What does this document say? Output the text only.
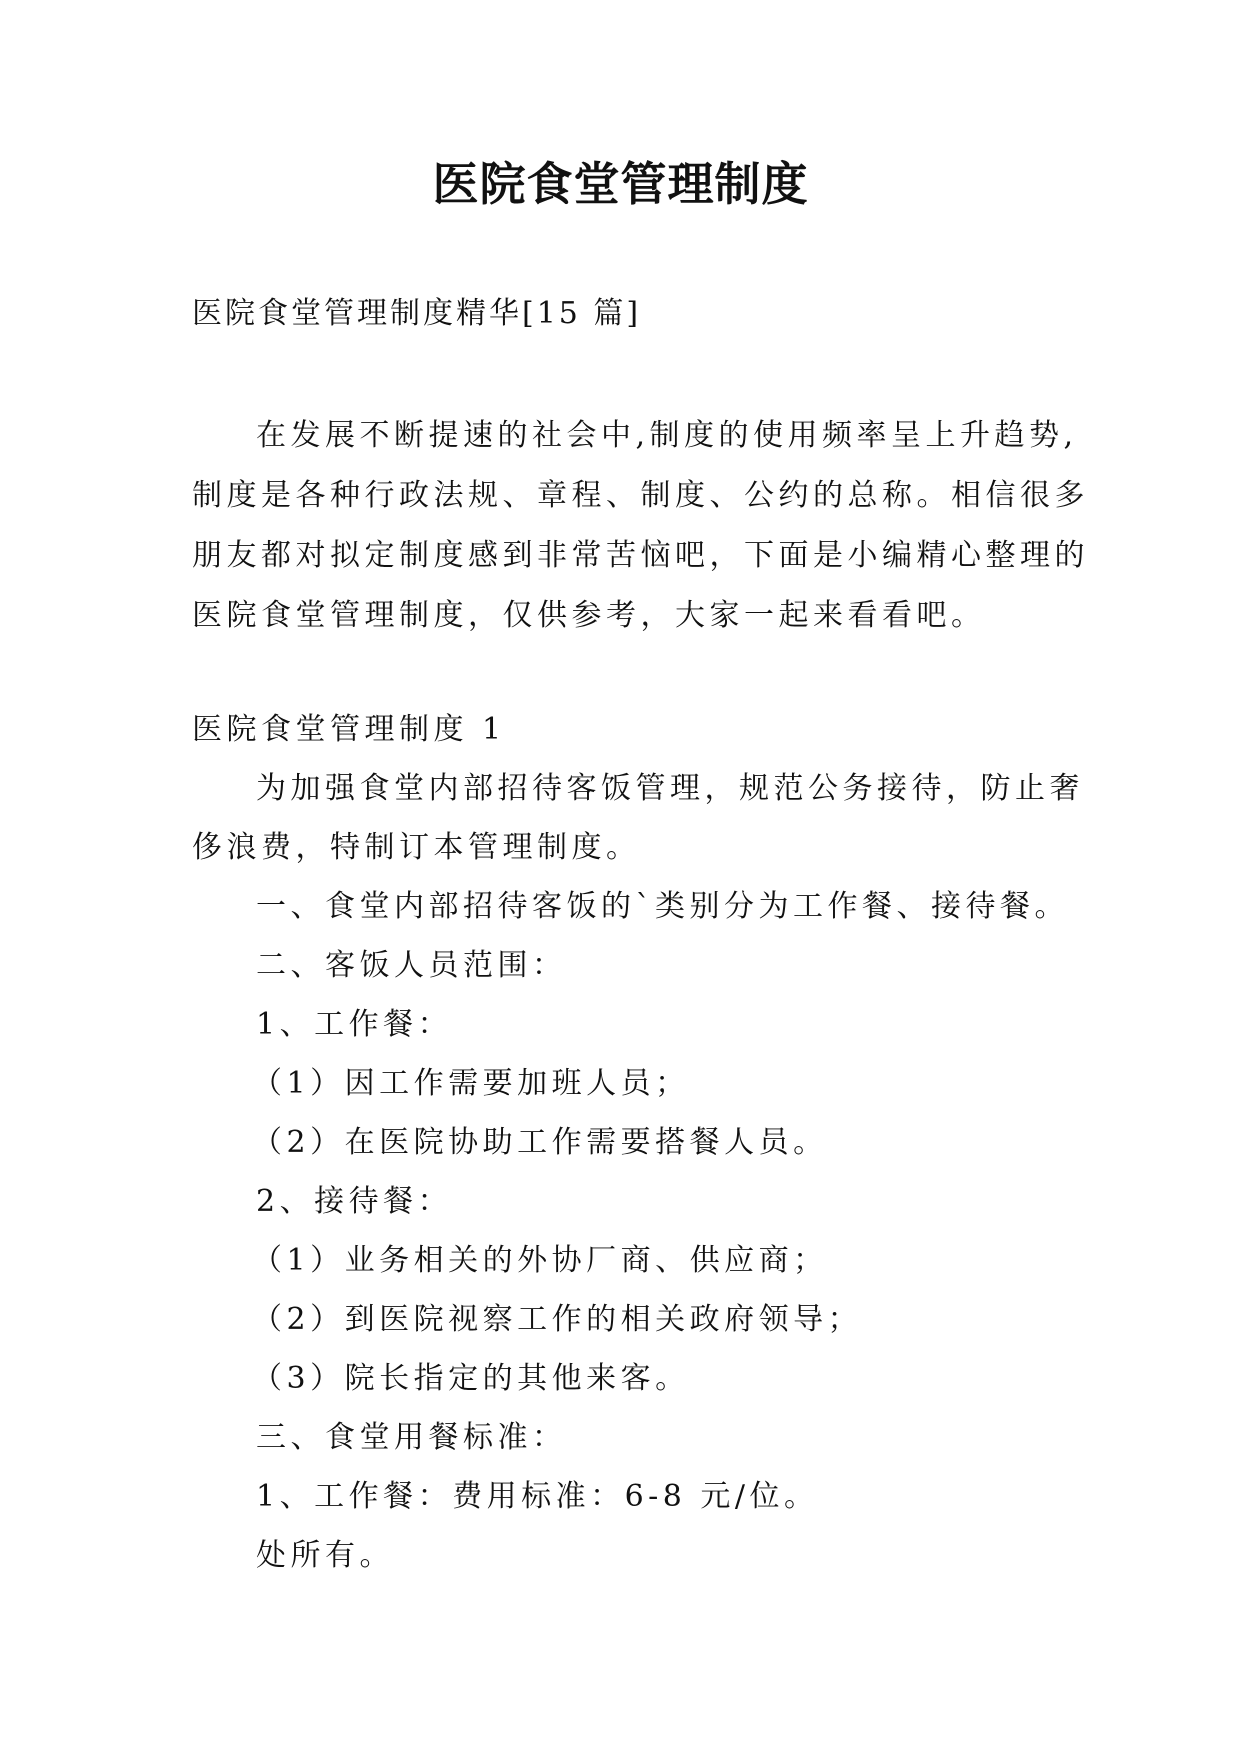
医院食堂管理制度

医院食堂管理制度精华[15 篇]

在发展不断提速的社会中,制度的使用频率呈上升趋势,
制度是各种行政法规、章程、制度、公约的总称。相信很多
朋友都对拟定制度感到非常苦恼吧，下面是小编精心整理的
医院食堂管理制度，仅供参考，大家一起来看看吧。
医院食堂管理制度 1
为加强食堂内部招待客饭管理，规范公务接待，防止奢
侈浪费，特制订本管理制度。
一、食堂内部招待客饭的`类别分为工作餐、接待餐。
二、客饭人员范围：
1、工作餐：
（1）因工作需要加班人员；
（2）在医院协助工作需要搭餐人员。
2、接待餐：
（1）业务相关的外协厂商、供应商；
（2）到医院视察工作的相关政府领导；
（3）院长指定的其他来客。
三、食堂用餐标准：
1、工作餐：费用标准：6-8 元/位。
处所有。
